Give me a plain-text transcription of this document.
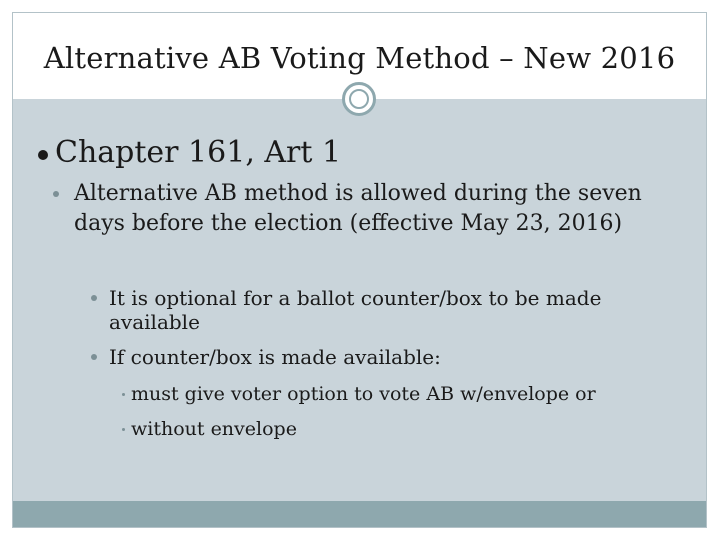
Alternative AB Voting Method – New 2016
Chapter 161, Art 1
Alternative AB method is allowed during the seven days before the election (effective May 23, 2016)
It is optional for a ballot counter/box to be made available
If counter/box is made available:
must give voter option to vote AB w/envelope or
without envelope
